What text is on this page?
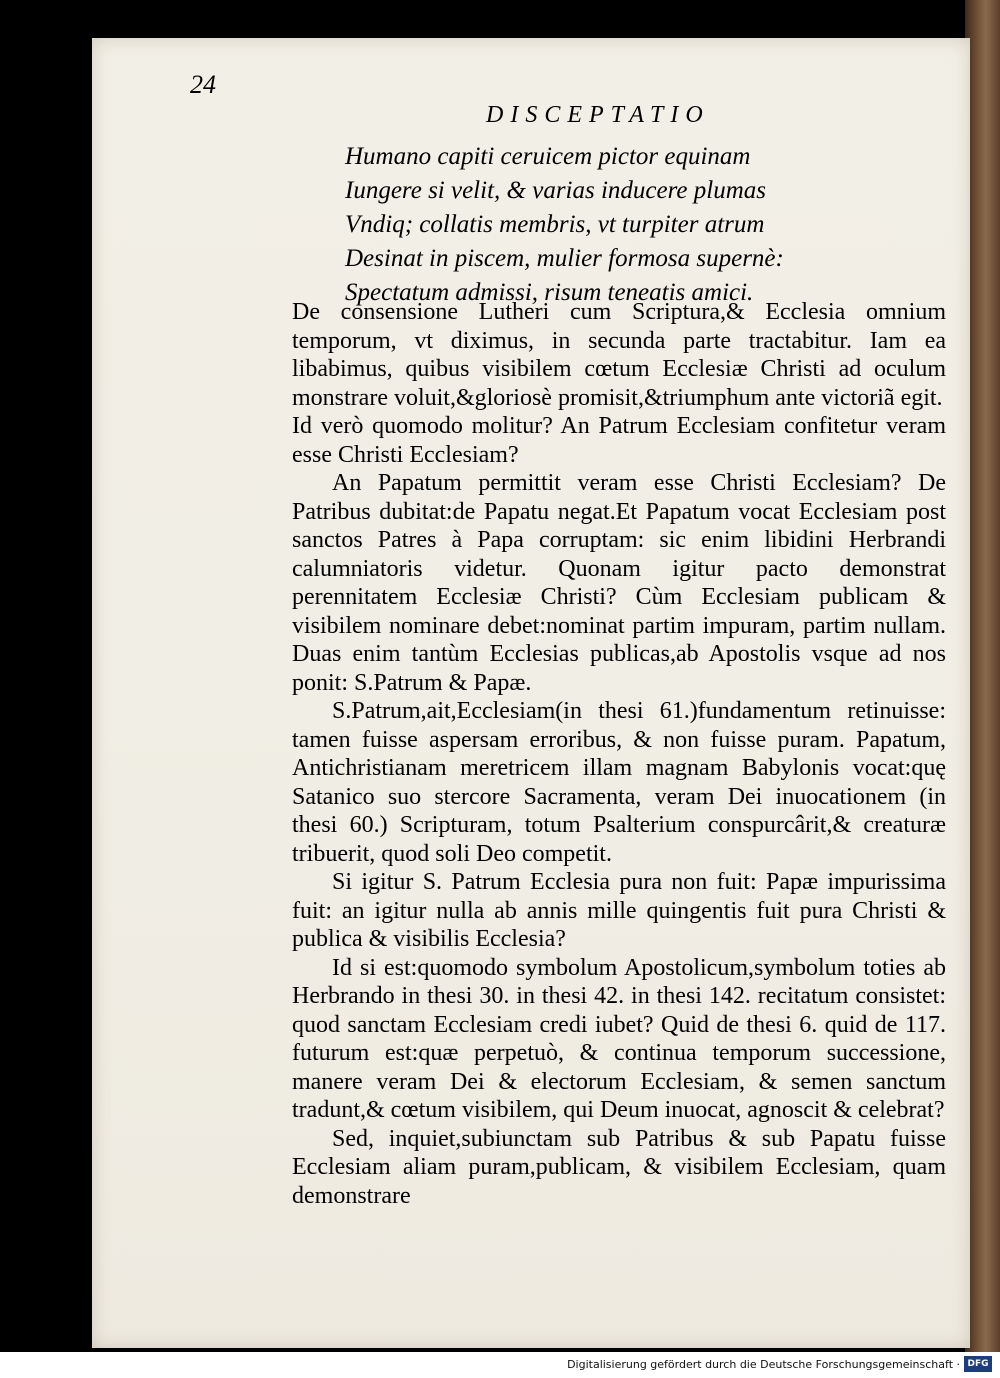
24
DISCEPTATIO
Humano capiti ceruicem pictor equinam
Iungere si velit, & varias inducere plumas
Vndiq; collatis membris, vt turpiter atrum
Desinat in piscem, mulier formosa supernè:
Spectatum admissi, risum teneatis amici.

De consensione Lutheri cum Scriptura,& Ecclesia omnium temporum, vt diximus, in secunda parte tractabitur. Iam ea libabimus, quibus visibilem cœtum Ecclesiæ Christi ad oculum monstrare voluit,&gloriosè promisit,&triumphum ante victoriã egit.

Id verò quomodo molitur? An Patrum Ecclesiam confitetur veram esse Christi Ecclesiam?

An Papatum permittit veram esse Christi Ecclesiam? De Patribus dubitat:de Papatu negat.Et Papatum vocat Ecclesiam post sanctos Patres à Papa corruptam: sic enim libidini Herbrandi calumniatoris videtur. Quonam igitur pacto demonstrat perennitatem Ecclesiæ Christi? Cùm Ecclesiam publicam & visibilem nominare debet:nominat partim impuram, partim nullam. Duas enim tantùm Ecclesias publicas,ab Apostolis vsque ad nos ponit: S.Patrum & Papæ.

S.Patrum,ait,Ecclesiam(in thesi 61.)fundamentum retinuisse: tamen fuisse aspersam erroribus, & non fuisse puram. Papatum, Antichristianam meretricem illam magnam Babylonis vocat:quę Satanico suo stercore Sacramenta, veram Dei inuocationem (in thesi 60.) Scripturam, totum Psalterium conspurcârit,& creaturæ tribuerit, quod soli Deo competit.

Si igitur S. Patrum Ecclesia pura non fuit: Papæ impurissima fuit: an igitur nulla ab annis mille quingentis fuit pura Christi & publica & visibilis Ecclesia?

Id si est:quomodo symbolum Apostolicum,symbolum toties ab Herbrando in thesi 30. in thesi 42. in thesi 142. recitatum consistet: quod sanctam Ecclesiam credi iubet? Quid de thesi 6. quid de 117. futurum est:quæ perpetuò, & continua temporum successione, manere veram Dei & electorum Ecclesiam, & semen sanctum tradunt,& cœtum visibilem, qui Deum inuocat, agnoscit & celebrat?

Sed, inquiet,subiunctam sub Patribus & sub Papatu fuisse Ecclesiam aliam puram,publicam, & visibilem Ecclesiam, quam demonstrare

Digitalisierung gefördert durch die Deutsche Forschungsgemeinschaft · DFG
